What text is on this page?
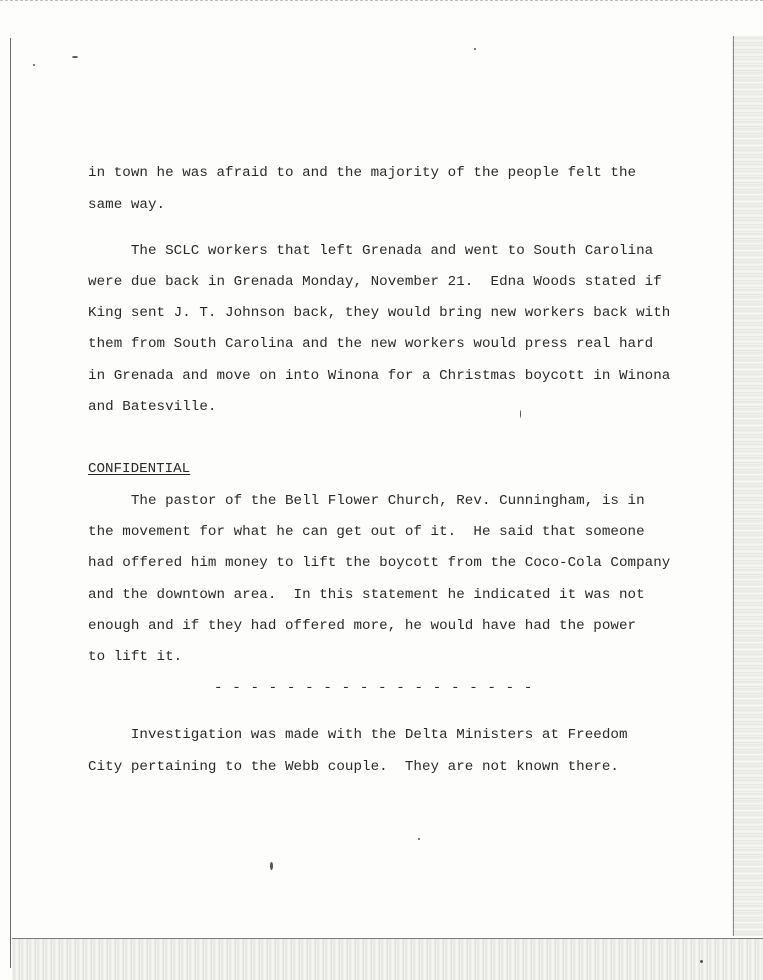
in town he was afraid to and the majority of the people felt the
same way.
The SCLC workers that left Grenada and went to South Carolina
were due back in Grenada Monday, November 21.  Edna Woods stated if
King sent J. T. Johnson back, they would bring new workers back with
them from South Carolina and the new workers would press real hard
in Grenada and move on into Winona for a Christmas boycott in Winona
and Batesville.
CONFIDENTIAL
The pastor of the Bell Flower Church, Rev. Cunningham, is in
the movement for what he can get out of it.  He said that someone
had offered him money to lift the boycott from the Coco-Cola Company
and the downtown area.  In this statement he indicated it was not
enough and if they had offered more, he would have had the power
to lift it.
- - - - - - - - - - - - - - - - - -
Investigation was made with the Delta Ministers at Freedom
City pertaining to the Webb couple.  They are not known there.
